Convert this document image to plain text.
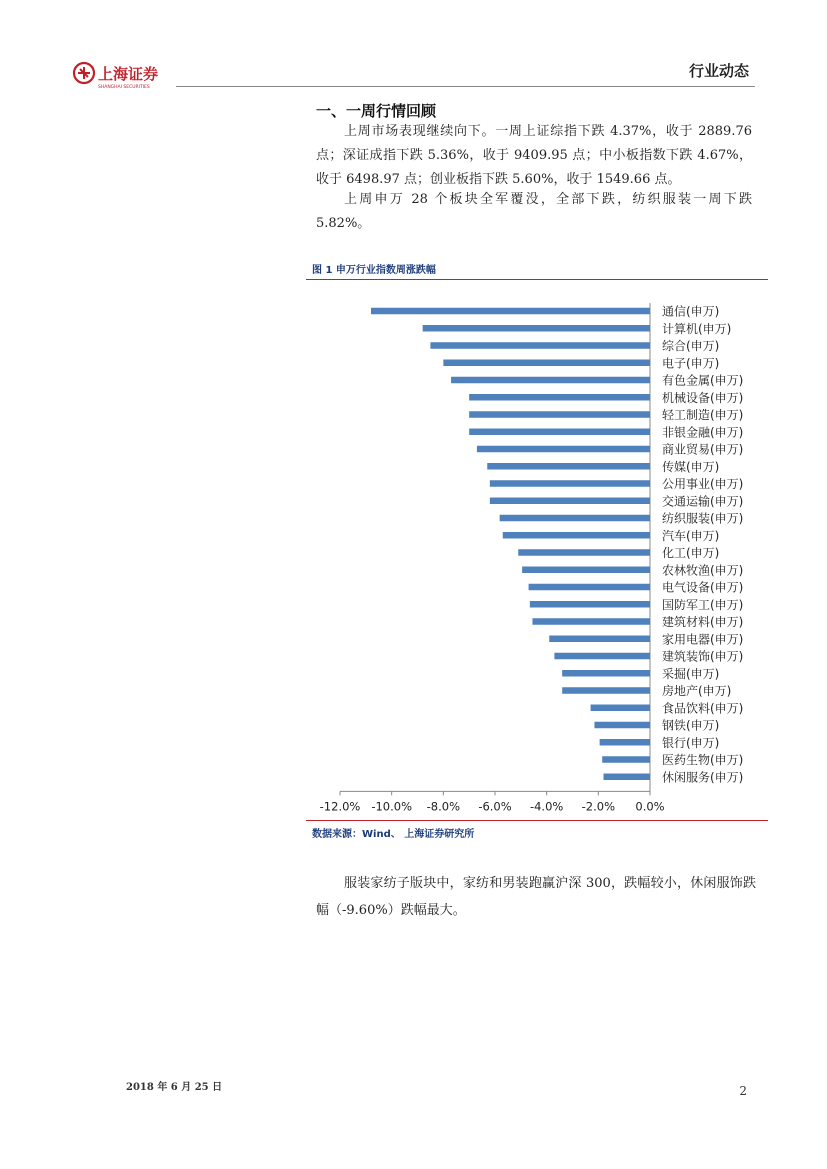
上海证券
SHANGHAI SECURITIES
行业动态
一、一周行情回顾
上周市场表现继续向下。一周上证综指下跌 4.37%，收于 2889.76 点；深证成指下跌 5.36%，收于 9409.95 点；中小板指数下跌 4.67%，收于 6498.97 点；创业板指下跌 5.60%，收于 1549.66 点。
上周申万 28 个板块全军覆没，全部下跌，纺织服装一周下跌 5.82%。
图 1 申万行业指数周涨跌幅
通信(申万)
计算机(申万)
综合(申万)
电子(申万)
有色金属(申万)
机械设备(申万)
轻工制造(申万)
非银金融(申万)
商业贸易(申万)
传媒(申万)
公用事业(申万)
交通运输(申万)
纺织服装(申万)
汽车(申万)
化工(申万)
农林牧渔(申万)
电气设备(申万)
国防军工(申万)
建筑材料(申万)
家用电器(申万)
建筑装饰(申万)
采掘(申万)
房地产(申万)
食品饮料(申万)
钢铁(申万)
银行(申万)
医药生物(申万)
休闲服务(申万)
-12.0% -10.0% -8.0% -6.0% -4.0% -2.0% 0.0%
数据来源：Wind、 上海证券研究所
服装家纺子版块中，家纺和男装跑赢沪深 300，跌幅较小，休闲服饰跌幅（-9.60%）跌幅最大。
2018 年 6 月 25 日	2
